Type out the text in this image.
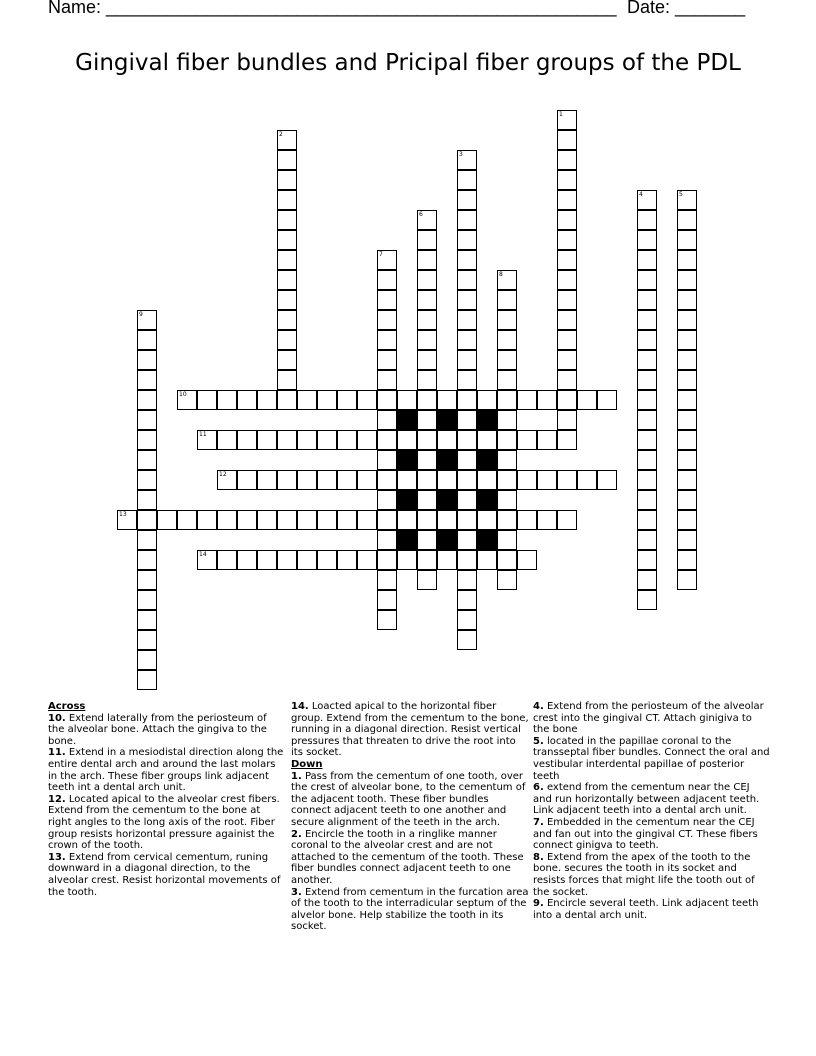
Name: ___________________________________________________ Date: _______
Gingival fiber bundles and Pricipal fiber groups of the PDL
10
11
12
13
14
1
2
3
4	5
6
7
8
9
Across
10. Extend laterally from the periosteum of the alveolar bone. Attach the gingiva to the bone.
11. Extend in a mesiodistal direction along the entire dental arch and around the last molars in the arch. These fiber groups link adjacent teeth int a dental arch unit.
12. Located apical to the alveolar crest fibers. Extend from the cementum to the bone at right angles to the long axis of the root. Fiber group resists horizontal pressure againist the crown of the tooth.
13. Extend from cervical cementum, runing downward in a diagonal direction, to the alveolar crest. Resist horizontal movements of the tooth.
14. Loacted apical to the horizontal fiber group. Extend from the cementum to the bone, running in a diagonal direction. Resist vertical pressures that threaten to drive the root into its socket.
Down
1. Pass from the cementum of one tooth, over the crest of alveolar bone, to the cementum of the adjacent tooth. These fiber bundles connect adjacent teeth to one another and secure alignment of the teeth in the arch.
2. Encircle the tooth in a ringlike manner coronal to the alveolar crest and are not attached to the cementum of the tooth. These fiber bundles connect adjacent teeth to one another.
3. Extend from cementum in the furcation area of the tooth to the interradicular septum of the alvelor bone. Help stabilize the tooth in its socket.
4. Extend from the periosteum of the alveolar crest into the gingival CT. Attach ginigiva to the bone
5. located in the papillae coronal to the transseptal fiber bundles. Connect the oral and vestibular interdental papillae of posterior teeth
6. extend from the cementum near the CEJ and run horizontally between adjacent teeth. Link adjacent teeth into a dental arch unit.
7. Embedded in the cementum near the CEJ and fan out into the gingival CT. These fibers connect ginigva to teeth.
8. Extend from the apex of the tooth to the bone. secures the tooth in its socket and resists forces that might life the tooth out of the socket.
9. Encircle several teeth. Link adjacent teeth into a dental arch unit.
